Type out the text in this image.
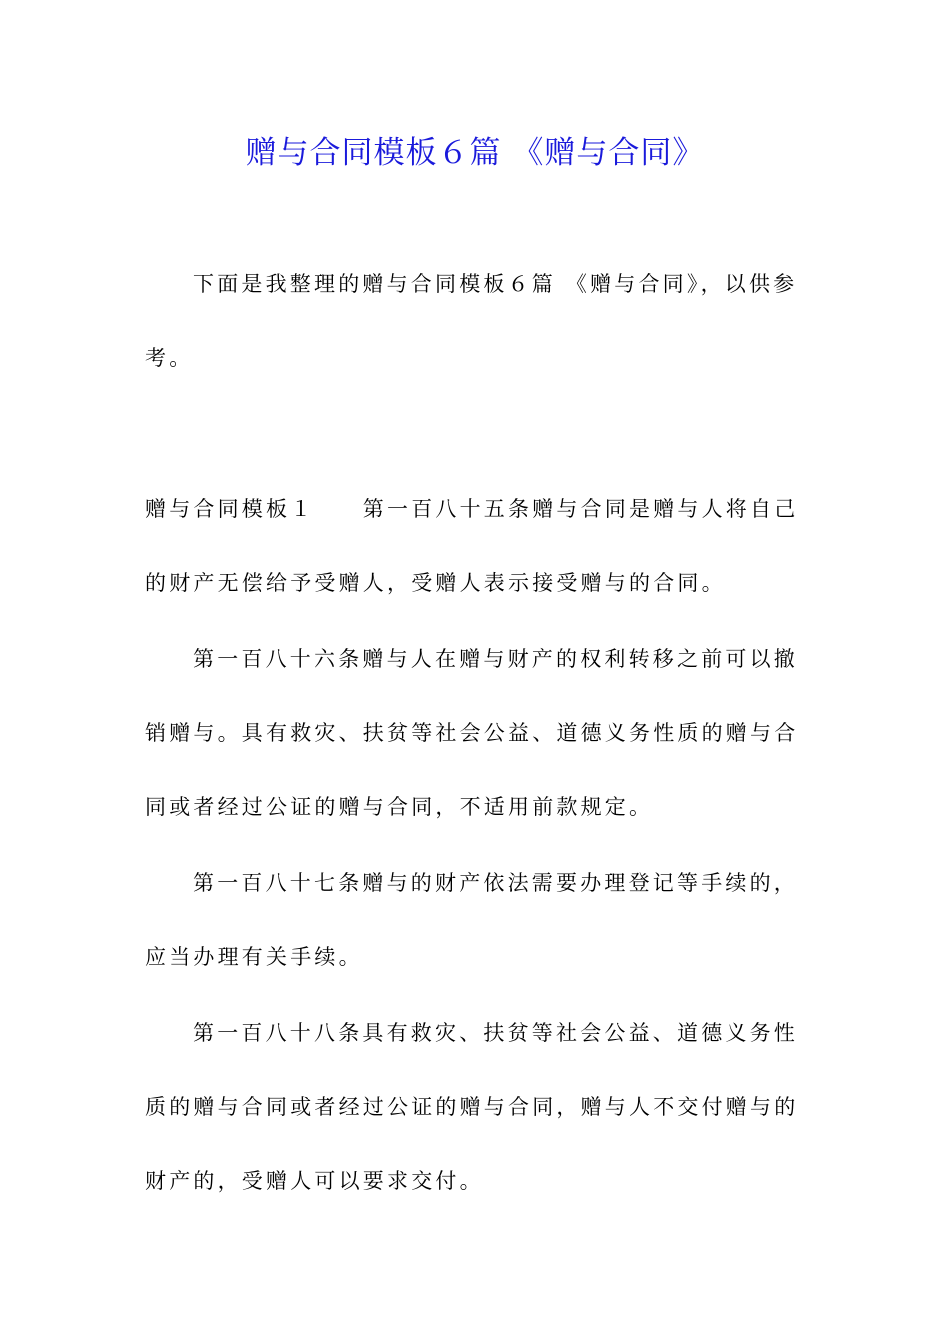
赠与合同模板６篇 《赠与合同》
下面是我整理的赠与合同模板６篇 《赠与合同》，以供参
考。
赠与合同模板１　　第一百八十五条赠与合同是赠与人将自己
的财产无偿给予受赠人，受赠人表示接受赠与的合同。
第一百八十六条赠与人在赠与财产的权利转移之前可以撤
销赠与。具有救灾、扶贫等社会公益、道德义务性质的赠与合
同或者经过公证的赠与合同，不适用前款规定。
第一百八十七条赠与的财产依法需要办理登记等手续的，
应当办理有关手续。
第一百八十八条具有救灾、扶贫等社会公益、道德义务性
质的赠与合同或者经过公证的赠与合同，赠与人不交付赠与的
财产的，受赠人可以要求交付。
